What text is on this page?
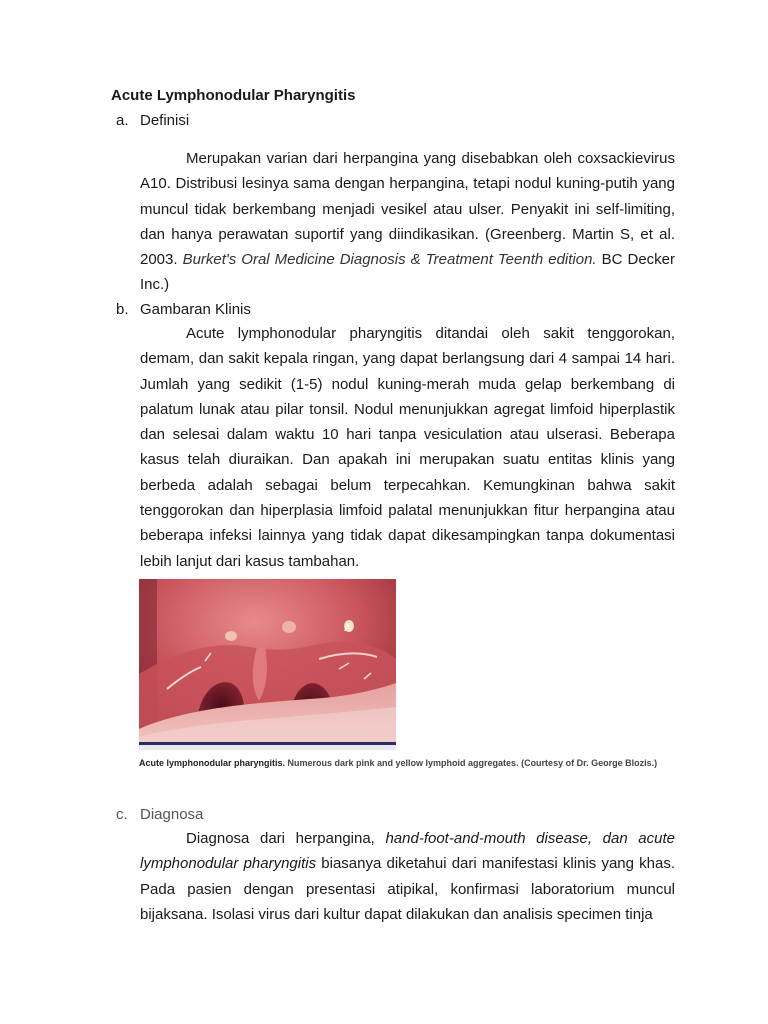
Acute Lymphonodular Pharyngitis
a. Definisi
Merupakan varian dari herpangina yang disebabkan oleh coxsackievirus A10. Distribusi lesinya sama dengan herpangina, tetapi nodul kuning-putih yang muncul tidak berkembang menjadi vesikel atau ulser. Penyakit ini self-limiting, dan hanya perawatan suportif yang diindikasikan. (Greenberg. Martin S, et al. 2003. Burket's Oral Medicine Diagnosis & Treatment Teenth edition. BC Decker Inc.)
b. Gambaran Klinis
Acute lymphonodular pharyngitis ditandai oleh sakit tenggorokan, demam, dan sakit kepala ringan, yang dapat berlangsung dari 4 sampai 14 hari. Jumlah yang sedikit (1-5) nodul kuning-merah muda gelap berkembang di palatum lunak atau pilar tonsil. Nodul menunjukkan agregat limfoid hiperplastik dan selesai dalam waktu 10 hari tanpa vesiculation atau ulserasi. Beberapa kasus telah diuraikan. Dan apakah ini merupakan suatu entitas klinis yang berbeda adalah sebagai belum terpecahkan. Kemungkinan bahwa sakit tenggorokan dan hiperplasia limfoid palatal menunjukkan fitur herpangina atau beberapa infeksi lainnya yang tidak dapat dikesampingkan tanpa dokumentasi lebih lanjut dari kasus tambahan.
A
Acute lymphonodular pharyngitis. Numerous dark pink and yellow lymphoid aggregates. (Courtesy of Dr. George Blozis.)
c. Diagnosa
Diagnosa dari herpangina, hand-foot-and-mouth disease, dan acute lymphonodular pharyngitis biasanya diketahui dari manifestasi klinis yang khas. Pada pasien dengan presentasi atipikal, konfirmasi laboratorium muncul bijaksana. Isolasi virus dari kultur dapat dilakukan dan analisis specimen tinja
